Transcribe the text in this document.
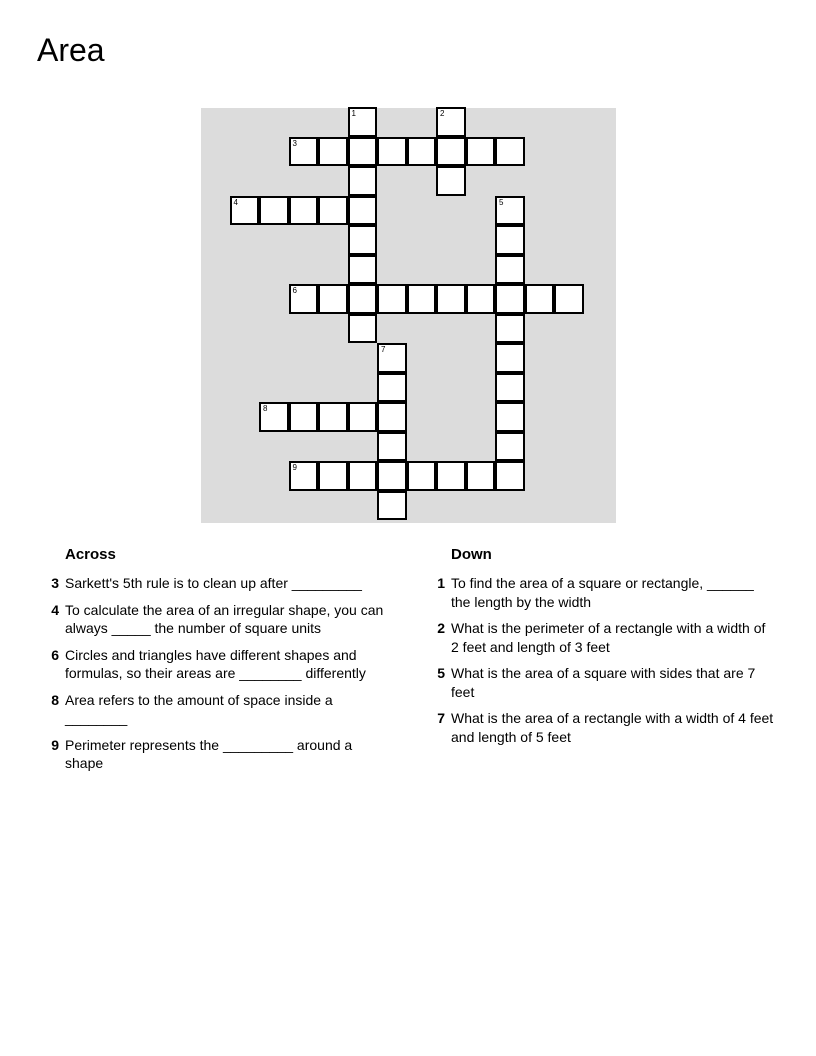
Area
1	2
3
4	5
6
7
8
9
Across
3 Sarkett's 5th rule is to clean up after _________
4 To calculate the area of an irregular shape, you can always _____ the number of square units
6 Circles and triangles have different shapes and formulas, so their areas are ________ differently
8 Area refers to the amount of space inside a ________
9 Perimeter represents the _________ around a shape
Down
1 To find the area of a square or rectangle, ______ the length by the width
2 What is the perimeter of a rectangle with a width of 2 feet and length of 3 feet
5 What is the area of a square with sides that are 7 feet
7 What is the area of a rectangle with a width of 4 feet and length of 5 feet
